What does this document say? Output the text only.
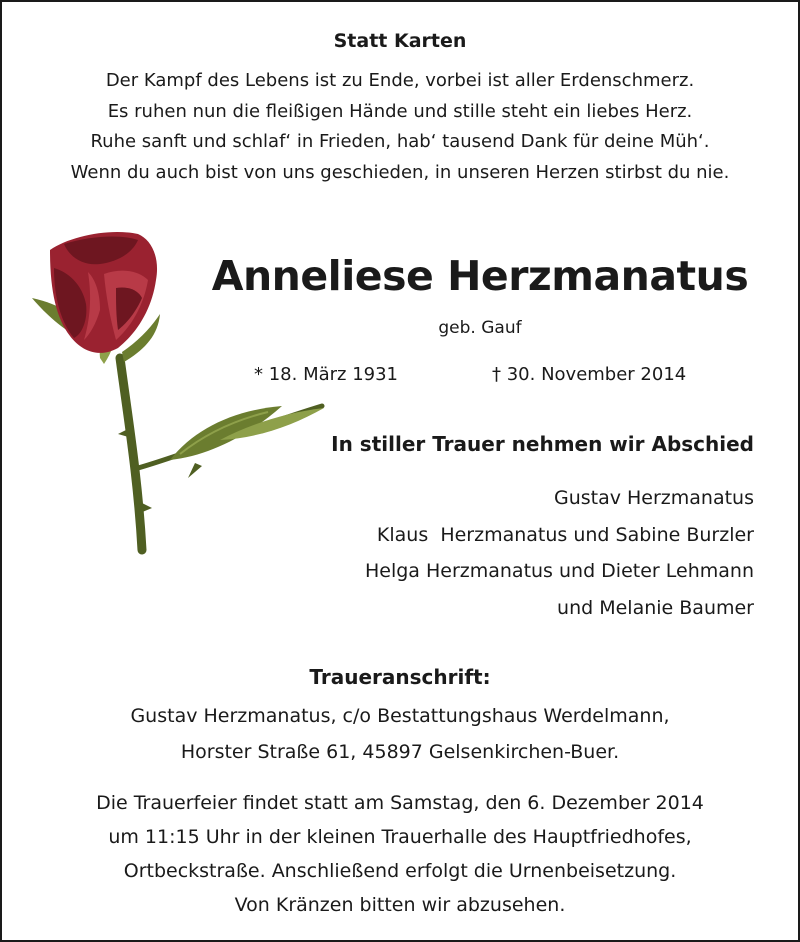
Statt Karten
Der Kampf des Lebens ist zu Ende, vorbei ist aller Erdenschmerz.
Es ruhen nun die fleißigen Hände und stille steht ein liebes Herz.
Ruhe sanft und schlaf‘ in Frieden, hab‘ tausend Dank für deine Müh‘.
Wenn du auch bist von uns geschieden, in unseren Herzen stirbst du nie.
Anneliese Herzmanatus
geb. Gauf
* 18. März 1931	† 30. November 2014
In stiller Trauer nehmen wir Abschied
Gustav Herzmanatus
Klaus  Herzmanatus und Sabine Burzler
Helga Herzmanatus und Dieter Lehmann
und Melanie Baumer
Traueranschrift:
Gustav Herzmanatus, c/o Bestattungshaus Werdelmann,
Horster Straße 61, 45897 Gelsenkirchen-Buer.
Die Trauerfeier findet statt am Samstag, den 6. Dezember 2014
um 11:15 Uhr in der kleinen Trauerhalle des Hauptfriedhofes,
Ortbeckstraße. Anschließend erfolgt die Urnenbeisetzung.
Von Kränzen bitten wir abzusehen.
